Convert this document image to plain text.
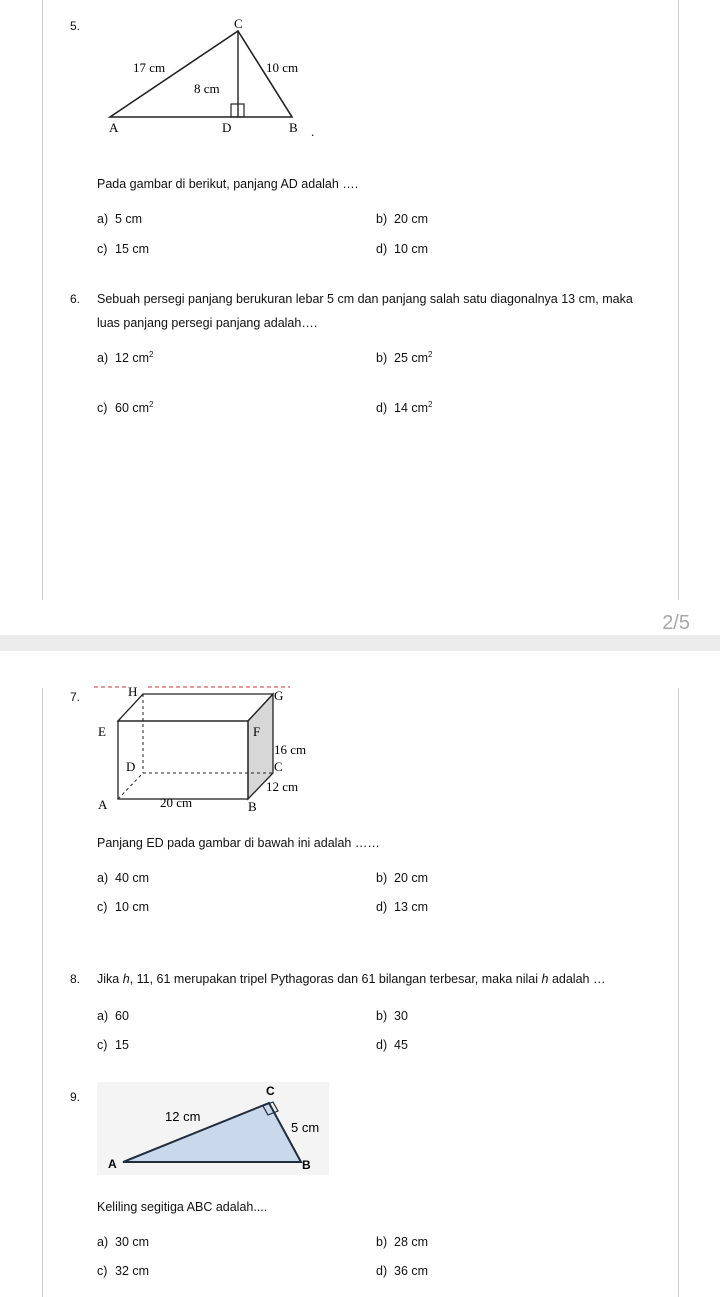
5.	C
17 cm	10 cm
8 cm
A	D	B .
Pada gambar di berikut, panjang AD adalah ….
a) 5 cm	b) 20 cm
c) 15 cm	d) 10 cm
6. Sebuah persegi panjang berukuran lebar 5 cm dan panjang salah satu diagonalnya 13 cm, maka
luas panjang persegi panjang adalah….
a) 12 $cm^2$	b) 25 $cm^2$
c) 60 $cm^2$	d) 14 $cm^2$
2/5
7.	H	G
E	F
16 cm
D	C
12 cm
A	20 cm	B
Panjang ED pada gambar di bawah ini adalah ……
a) 40 cm	b) 20 cm
c) 10 cm	d) 13 cm
8. Jika h, 11, 61 merupakan tripel Pythagoras dan 61 bilangan terbesar, maka nilai h adalah …
a) 60	b) 30
c) 15	d) 45
9.	C
12 cm
5 cm
A	B
Keliling segitiga ABC adalah....
a) 30 cm	b) 28 cm
c) 32 cm	d) 36 cm
